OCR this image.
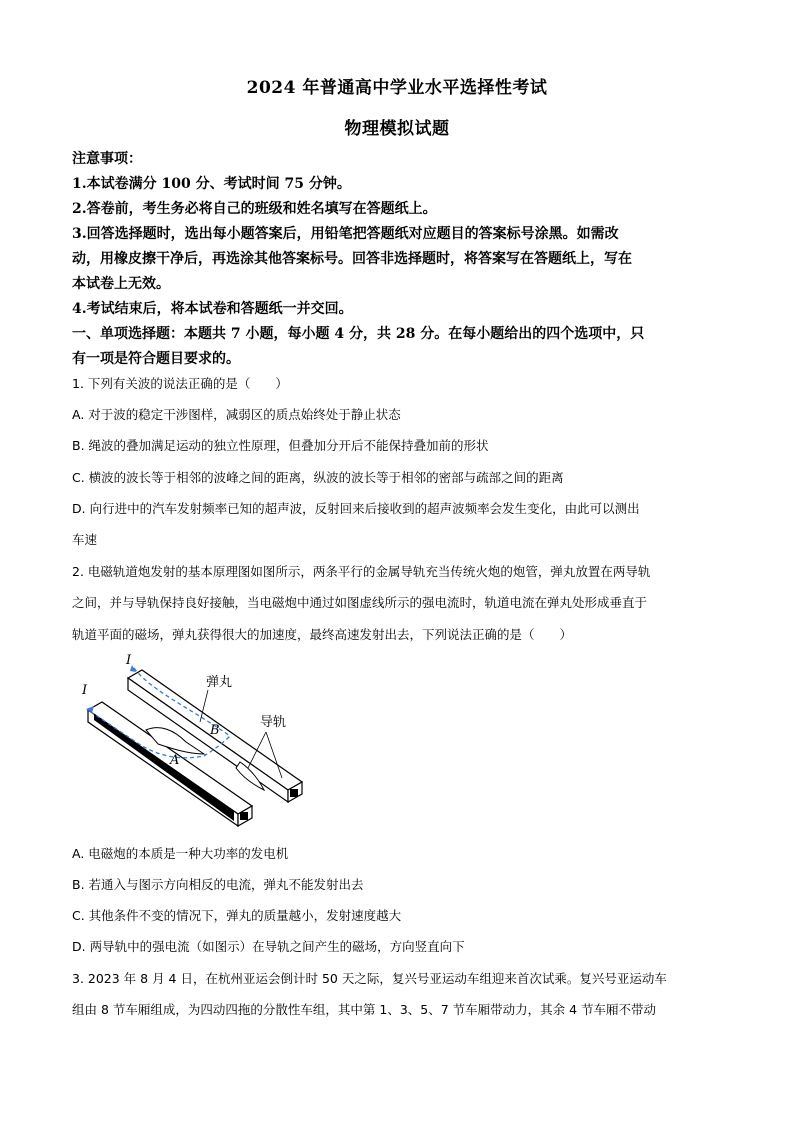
2024 年普通高中学业水平选择性考试
物理模拟试题
注意事项：
1.本试卷满分 100 分、考试时间 75 分钟。
2.答卷前，考生务必将自己的班级和姓名填写在答题纸上。
3.回答选择题时，选出每小题答案后，用铅笔把答题纸对应题目的答案标号涂黑。如需改
动，用橡皮擦干净后，再选涂其他答案标号。回答非选择题时，将答案写在答题纸上，写在
本试卷上无效。
4.考试结束后，将本试卷和答题纸一并交回。
一、单项选择题：本题共 7 小题，每小题 4 分，共 28 分。在每小题给出的四个选项中，只
有一项是符合题目要求的。
1. 下列有关波的说法正确的是（　　）
A. 对于波的稳定干涉图样，减弱区的质点始终处于静止状态
B. 绳波的叠加满足运动的独立性原理，但叠加分开后不能保持叠加前的形状
C. 横波的波长等于相邻的波峰之间的距离，纵波的波长等于相邻的密部与疏部之间的距离
D. 向行进中的汽车发射频率已知的超声波，反射回来后接收到的超声波频率会发生变化，由此可以测出
车速
2. 电磁轨道炮发射的基本原理图如图所示，两条平行的金属导轨充当传统火炮的炮管，弹丸放置在两导轨
之间，并与导轨保持良好接触，当电磁炮中通过如图虚线所示的强电流时，轨道电流在弹丸处形成垂直于
轨道平面的磁场，弹丸获得很大的加速度，最终高速发射出去，下列说法正确的是（　　）
I
I
弹丸
导轨
B
A
A. 电磁炮的本质是一种大功率的发电机
B. 若通入与图示方向相反的电流，弹丸不能发射出去
C. 其他条件不变的情况下，弹丸的质量越小，发射速度越大
D. 两导轨中的强电流（如图示）在导轨之间产生的磁场，方向竖直向下
3. 2023 年 8 月 4 日，在杭州亚运会倒计时 50 天之际，复兴号亚运动车组迎来首次试乘。复兴号亚运动车
组由 8 节车厢组成，为四动四拖的分散性车组，其中第 1、3、5、7 节车厢带动力，其余 4 节车厢不带动
